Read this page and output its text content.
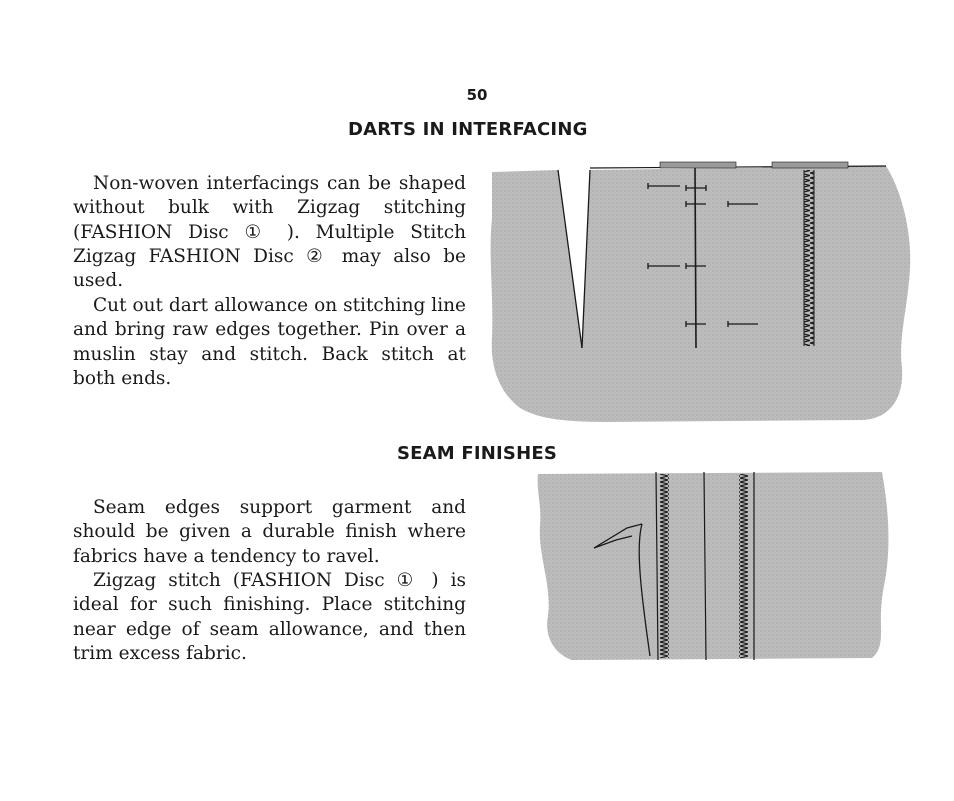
50
DARTS IN INTERFACING

Non-woven interfacings can be shaped without bulk with Zigzag stitching (FASHION Disc ① ). Multiple Stitch Zigzag FASHION Disc ② may also be used.

Cut out dart allowance on stitching line and bring raw edges together. Pin over a muslin stay and stitch. Back stitch at both ends.

SEAM FINISHES

Seam edges support garment and should be given a durable finish where fabrics have a tendency to ravel.

Zigzag stitch (FASHION Disc ① ) is ideal for such finishing. Place stitching near edge of seam allowance, and then trim excess fabric.
